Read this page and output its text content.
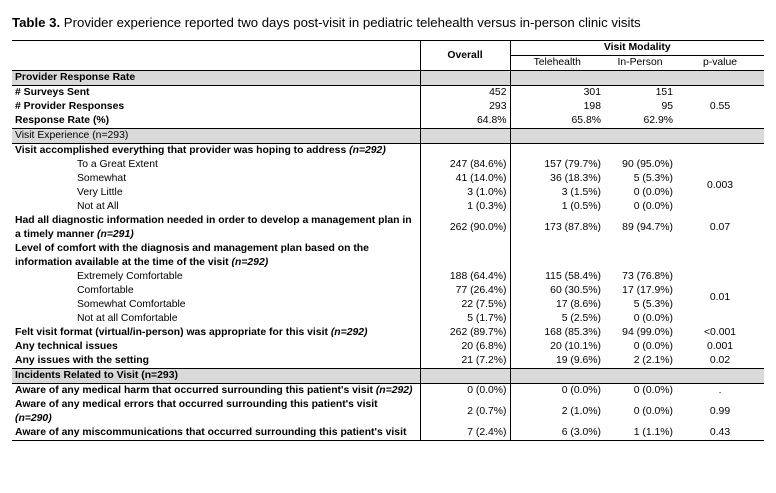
Table 3. Provider experience reported two days post-visit in pediatric telehealth versus in-person clinic visits
	Overall	Visit Modality		
		Telehealth	In-Person	p-value
Provider Response Rate				
# Surveys Sent	452	301	151	
# Provider Responses	293	198	95	0.55
Response Rate (%)	64.8%	65.8%	62.9%	
Visit Experience (n=293)				
Visit accomplished everything that provider was hoping to address (n=292)				
To a Great Extent	247 (84.6%)	157 (79.7%)	90 (95.0%)	
Somewhat	41 (14.0%)	36 (18.3%)	5 (5.3%)	0.003
Very Little	3 (1.0%)	3 (1.5%)	0 (0.0%)	
Not at All	1 (0.3%)	1 (0.5%)	0 (0.0%)	
Had all diagnostic information needed in order to develop a management plan in a timely manner (n=291)	262 (90.0%)	173 (87.8%)	89 (94.7%)	0.07
Level of comfort with the diagnosis and management plan based on the information available at the time of the visit (n=292)				
Extremely Comfortable	188 (64.4%)	115 (58.4%)	73 (76.8%)	
Comfortable	77 (26.4%)	60 (30.5%)	17 (17.9%)	0.01
Somewhat Comfortable	22 (7.5%)	17 (8.6%)	5 (5.3%)	
Not at all Comfortable	5 (1.7%)	5 (2.5%)	0 (0.0%)	
Felt visit format (virtual/in-person) was appropriate for this visit (n=292)	262 (89.7%)	168 (85.3%)	94 (99.0%)	<0.001
Any technical issues	20 (6.8%)	20 (10.1%)	0 (0.0%)	0.001
Any issues with the setting	21 (7.2%)	19 (9.6%)	2 (2.1%)	0.02
Incidents Related to Visit (n=293)				
Aware of any medical harm that occurred surrounding this patient's visit (n=292)	0 (0.0%)	0 (0.0%)	0 (0.0%)	.
Aware of any medical errors that occurred surrounding this patient's visit (n=290)	2 (0.7%)	2 (1.0%)	0 (0.0%)	0.99
Aware of any miscommunications that occurred surrounding this patient's visit	7 (2.4%)	6 (3.0%)	1 (1.1%)	0.43
